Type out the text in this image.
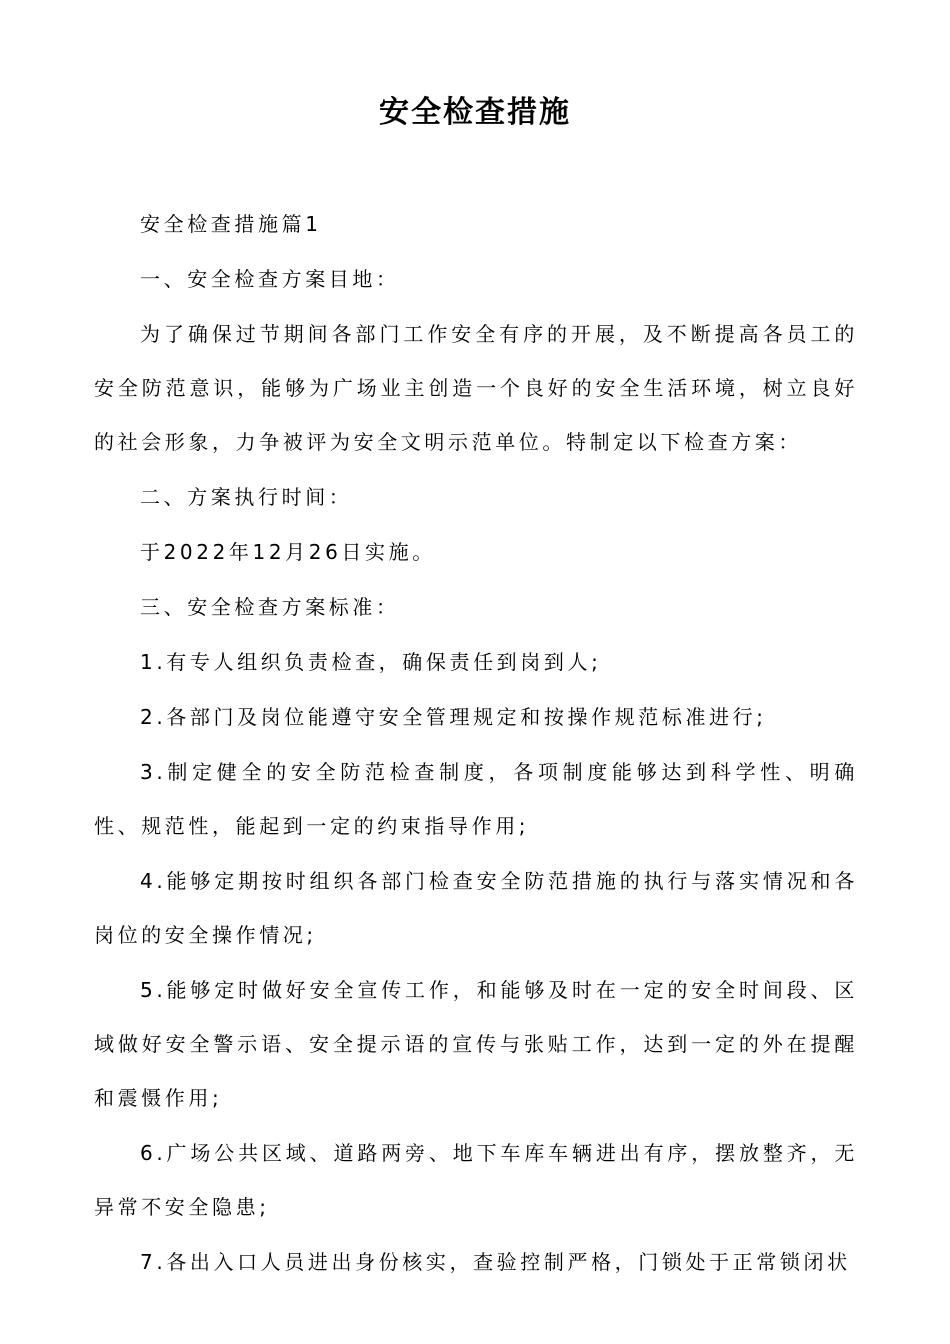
安全检查措施

安全检查措施篇1

一、安全检查方案目地：

为了确保过节期间各部门工作安全有序的开展，及不断提高各员工的安全防范意识，能够为广场业主创造一个良好的安全生活环境，树立良好的社会形象，力争被评为安全文明示范单位。特制定以下检查方案：

二、方案执行时间：

于2022年12月26日实施。

三、安全检查方案标准：

1.有专人组织负责检查，确保责任到岗到人;

2.各部门及岗位能遵守安全管理规定和按操作规范标准进行;

3.制定健全的安全防范检查制度，各项制度能够达到科学性、明确性、规范性，能起到一定的约束指导作用;

4.能够定期按时组织各部门检查安全防范措施的执行与落实情况和各岗位的安全操作情况;

5.能够定时做好安全宣传工作，和能够及时在一定的安全时间段、区域做好安全警示语、安全提示语的宣传与张贴工作，达到一定的外在提醒和震慑作用;

6.广场公共区域、道路两旁、地下车库车辆进出有序，摆放整齐，无异常不安全隐患;

7.各出入口人员进出身份核实，查验控制严格，门锁处于正常锁闭状
